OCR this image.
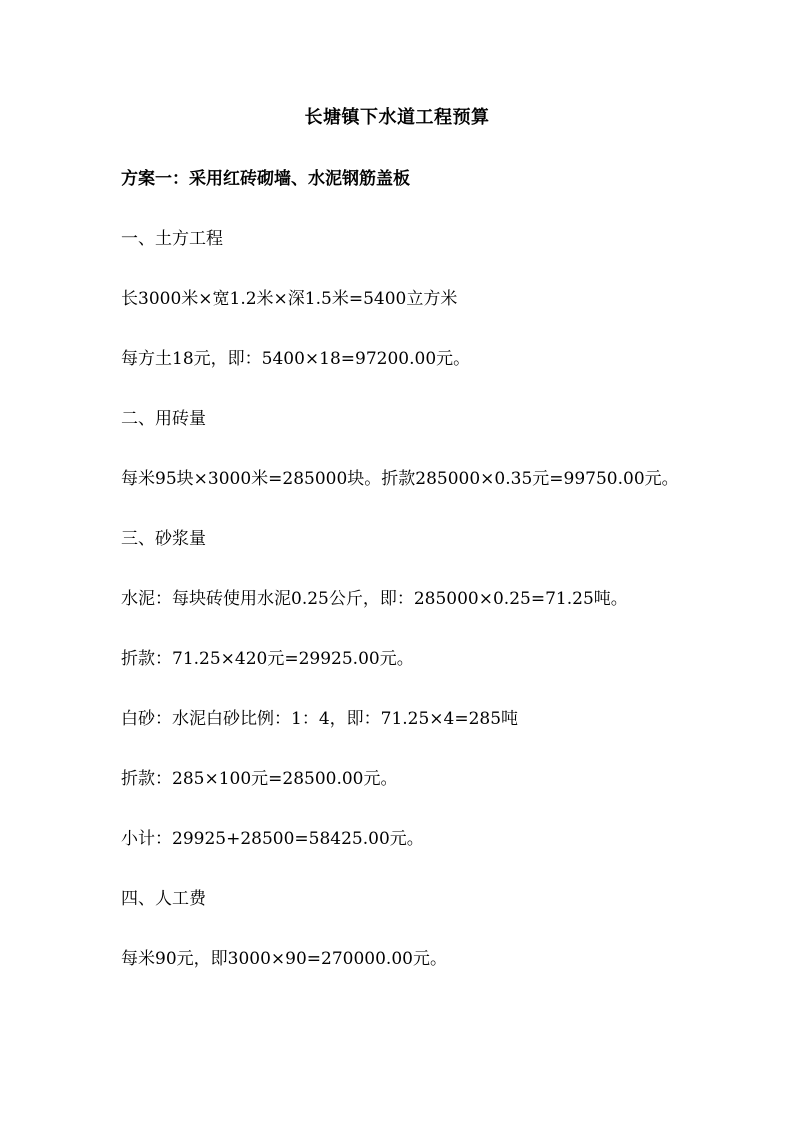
长塘镇下水道工程预算
方案一：采用红砖砌墙、水泥钢筋盖板
一、土方工程
长3000米×宽1.2米×深1.5米=5400立方米
每方土18元，即：5400×18=97200.00元。
二、用砖量
每米95块×3000米=285000块。折款285000×0.35元=99750.00元。
三、砂浆量
水泥：每块砖使用水泥0.25公斤，即：285000×0.25=71.25吨。
折款：71.25×420元=29925.00元。
白砂：水泥白砂比例：1：4，即：71.25×4=285吨
折款：285×100元=28500.00元。
小计：29925+28500=58425.00元。
四、人工费
每米90元，即3000×90=270000.00元。
